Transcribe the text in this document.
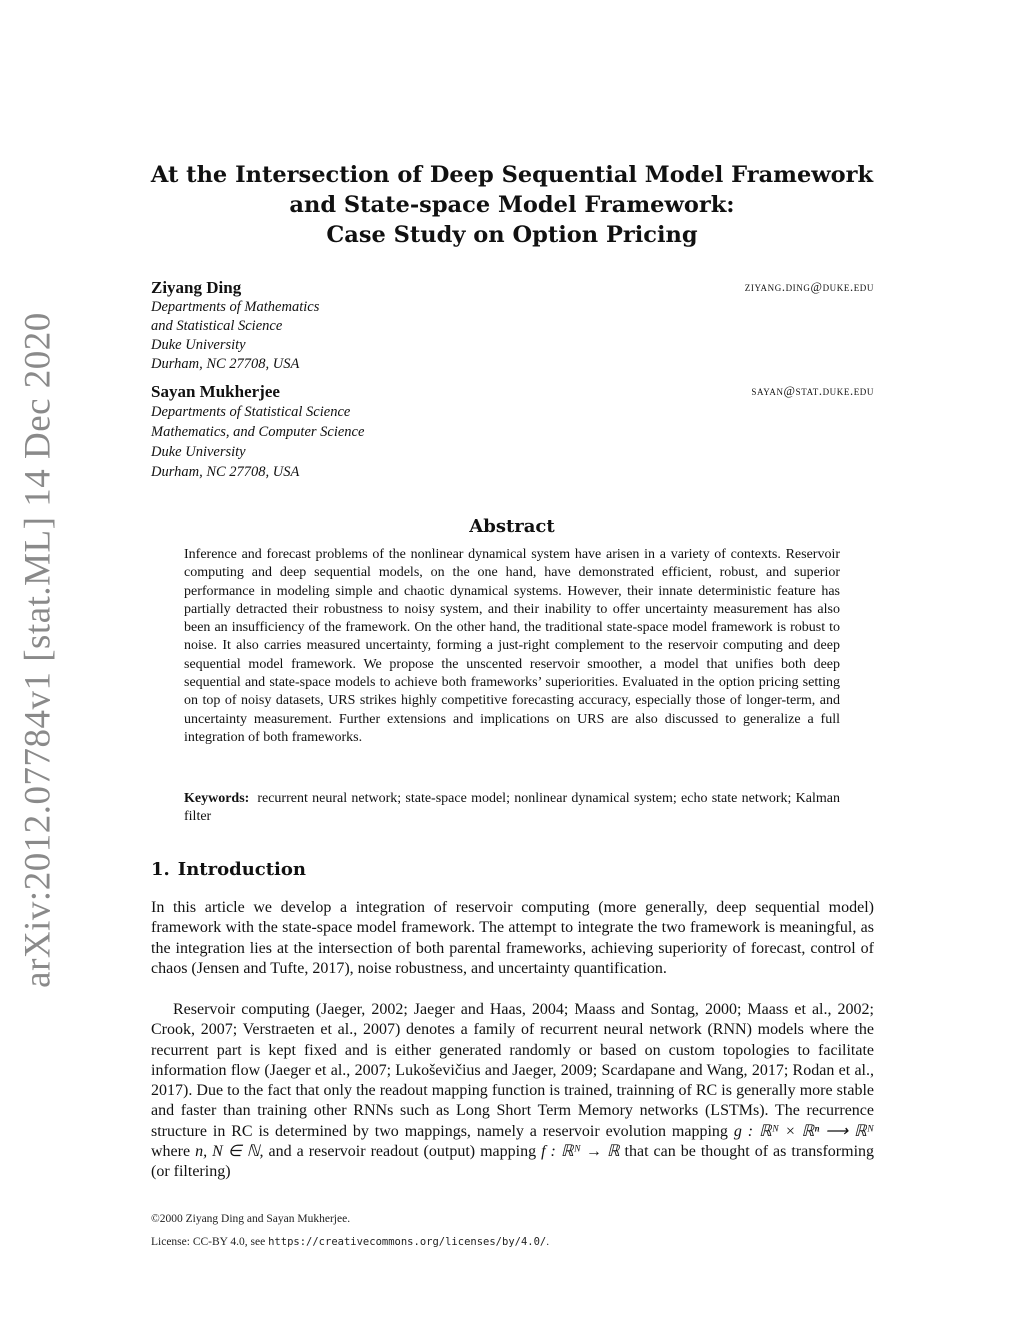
arXiv:2012.07784v1 [stat.ML] 14 Dec 2020
At the Intersection of Deep Sequential Model Framework
and State-space Model Framework:
Case Study on Option Pricing
Ziyang Ding	ziyang.ding@duke.edu
Departments of Mathematics
and Statistical Science
Duke University
Durham, NC 27708, USA
Sayan Mukherjee	sayan@stat.duke.edu
Departments of Statistical Science
Mathematics, and Computer Science
Duke University
Durham, NC 27708, USA
Abstract
Inference and forecast problems of the nonlinear dynamical system have arisen in a variety of contexts. Reservoir computing and deep sequential models, on the one hand, have demonstrated efficient, robust, and superior performance in modeling simple and chaotic dynamical systems. However, their innate deterministic feature has partially detracted their robustness to noisy system, and their inability to offer uncertainty measurement has also been an insufficiency of the framework. On the other hand, the traditional state-space model framework is robust to noise. It also carries measured uncertainty, forming a just-right complement to the reservoir computing and deep sequential model framework. We propose the unscented reservoir smoother, a model that unifies both deep sequential and state-space models to achieve both frameworks’ superiorities. Evaluated in the option pricing setting on top of noisy datasets, URS strikes highly competitive forecasting accuracy, especially those of longer-term, and uncertainty measurement. Further extensions and implications on URS are also discussed to generalize a full integration of both frameworks.
Keywords: recurrent neural network; state-space model; nonlinear dynamical system; echo state network; Kalman filter
1. Introduction
In this article we develop a integration of reservoir computing (more generally, deep sequential model) framework with the state-space model framework. The attempt to integrate the two framework is meaningful, as the integration lies at the intersection of both parental frameworks, achieving superiority of forecast, control of chaos (Jensen and Tufte, 2017), noise robustness, and uncertainty quantification.
Reservoir computing (Jaeger, 2002; Jaeger and Haas, 2004; Maass and Sontag, 2000; Maass et al., 2002; Crook, 2007; Verstraeten et al., 2007) denotes a family of recurrent neural network (RNN) models where the recurrent part is kept fixed and is either generated randomly or based on custom topologies to facilitate information flow (Jaeger et al., 2007; Lukoševičius and Jaeger, 2009; Scardapane and Wang, 2017; Rodan et al., 2017). Due to the fact that only the readout mapping function is trained, trainning of RC is generally more stable and faster than training other RNNs such as Long Short Term Memory networks (LSTMs). The recurrence structure in RC is determined by two mappings, namely a reservoir evolution mapping g : ℝᴺ × ℝⁿ ⟶ ℝᴺ where n, N ∈ ℕ, and a reservoir readout (output) mapping f : ℝᴺ → ℝ that can be thought of as transforming (or filtering)
©2000 Ziyang Ding and Sayan Mukherjee.
License: CC-BY 4.0, see https://creativecommons.org/licenses/by/4.0/.
